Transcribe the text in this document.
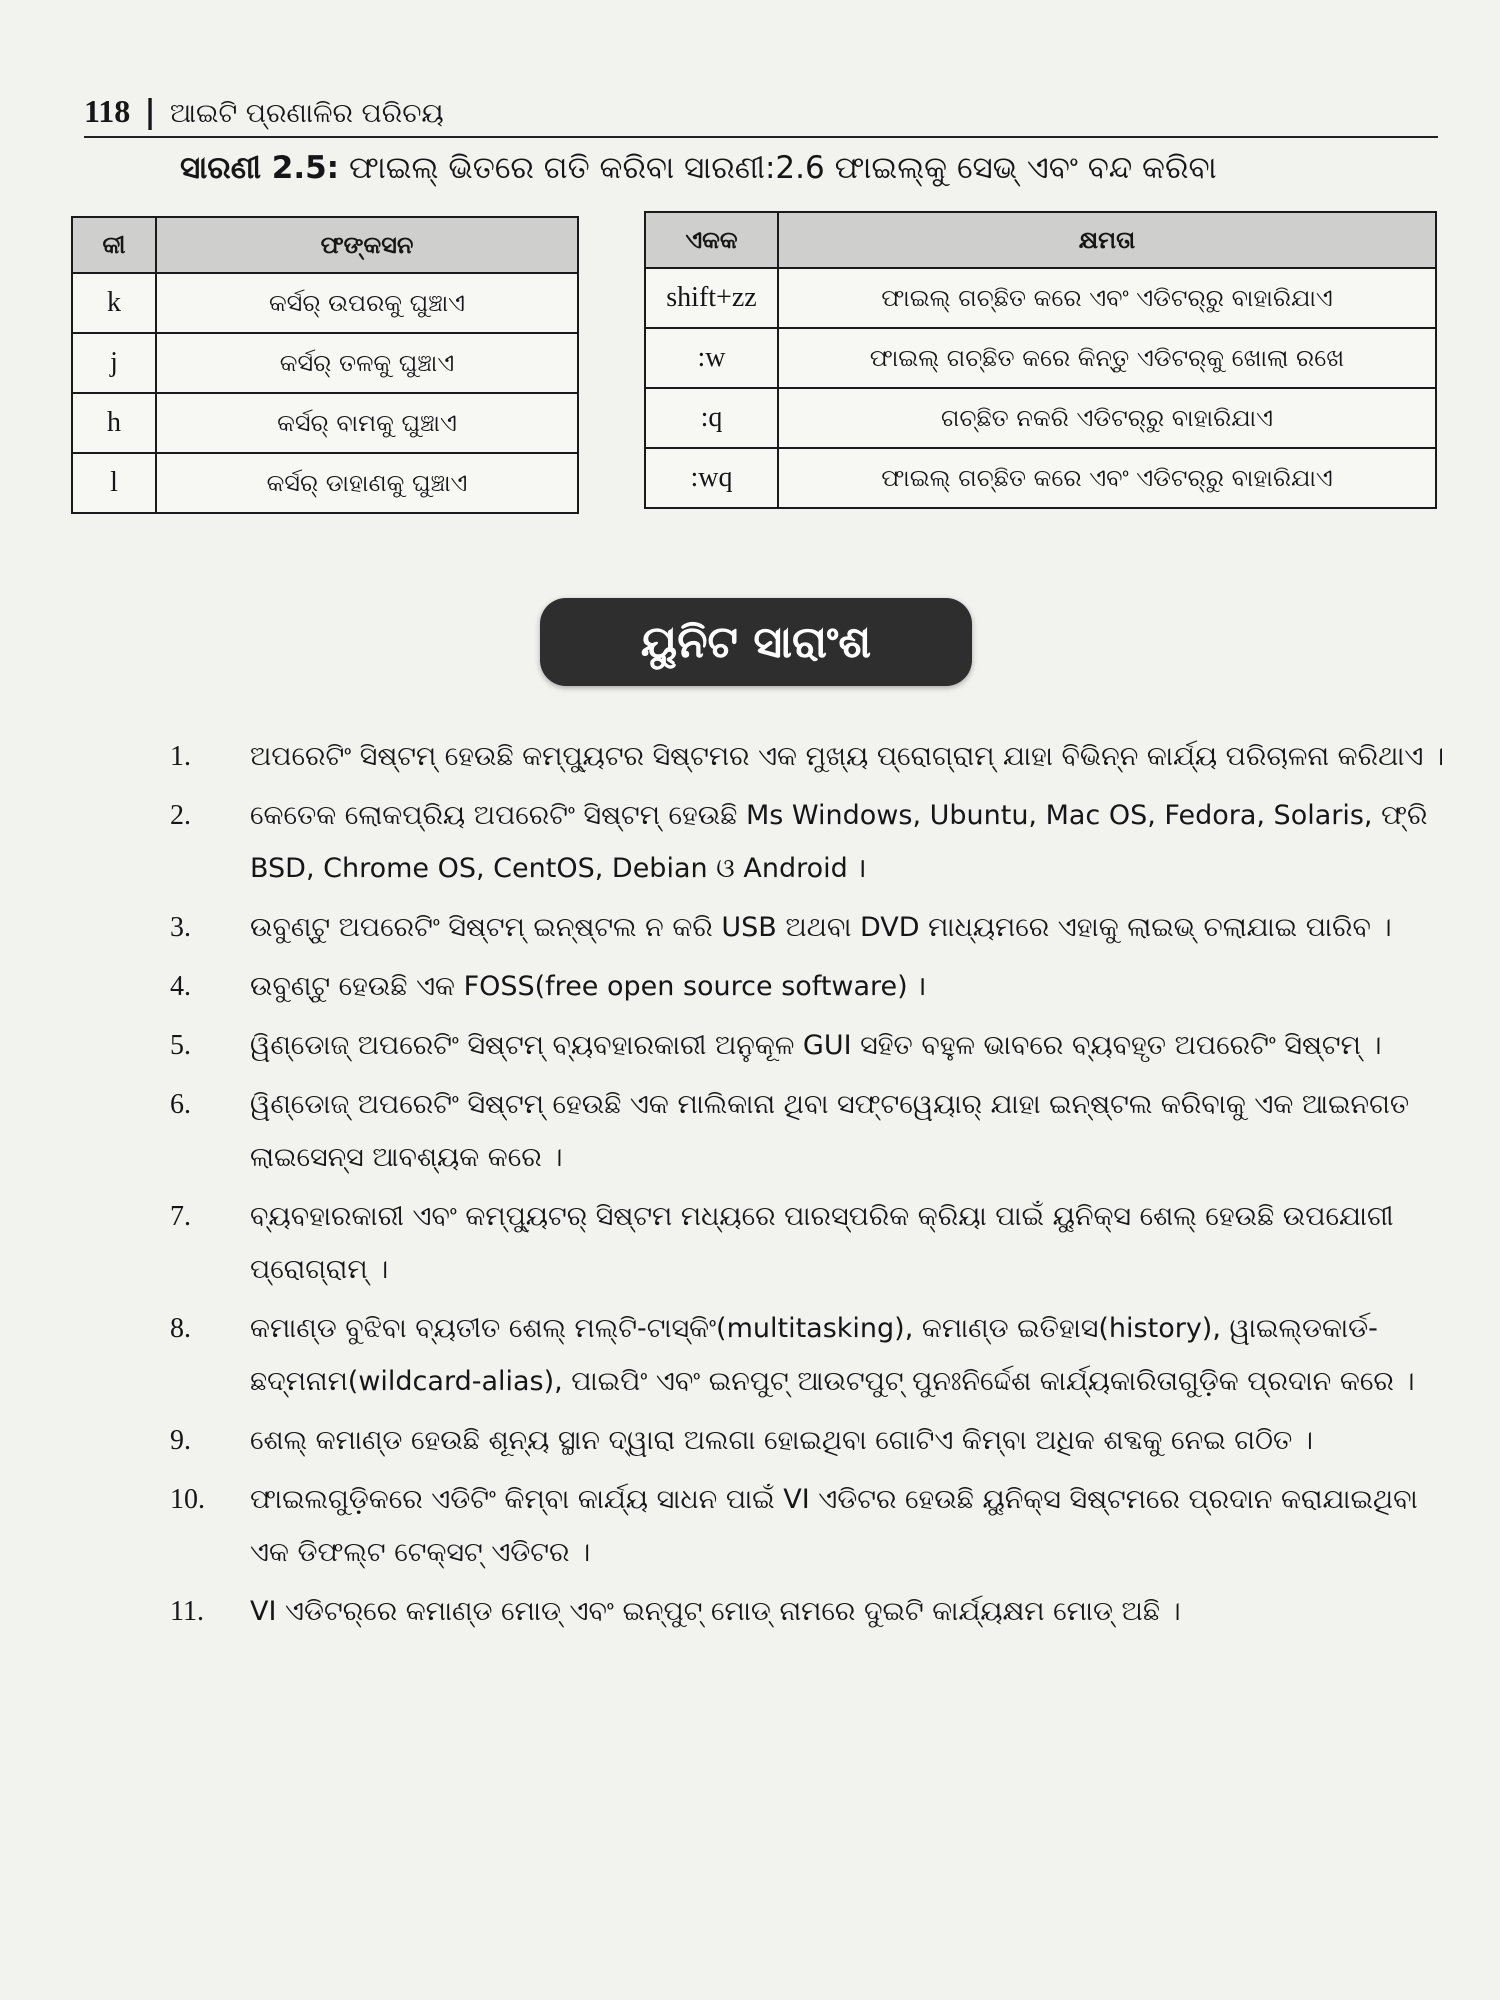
118 | ଆଇଟି ପ୍ରଣାଳିର ପରିଚୟ
ସାରଣୀ 2.5: ଫାଇଲ୍ ଭିତରେ ଗତି କରିବା ସାରଣୀ:2.6 ଫାଇଲ୍‌କୁ ସେଭ୍ ଏବଂ ବନ୍ଦ କରିବା
କୀ	ଫଙ୍କସନ
k	କର୍ସର୍ ଉପରକୁ ଘୁଞ୍ଚାଏ
j	କର୍ସର୍ ତଳକୁ ଘୁଞ୍ଚାଏ
h	କର୍ସର୍ ବାମକୁ ଘୁଞ୍ଚାଏ
l	କର୍ସର୍ ଡାହାଣକୁ ଘୁଞ୍ଚାଏ
ଏକକ	କ୍ଷମତା
shift+zz	ଫାଇଲ୍ ଗଚ୍ଛିତ କରେ ଏବଂ ଏଡିଟର୍‌ରୁ ବାହାରିଯାଏ
:w	ଫାଇଲ୍ ଗଚ୍ଛିତ କରେ କିନ୍ତୁ ଏଡିଟର୍‌କୁ ଖୋଲା ରଖେ
:q	ଗଚ୍ଛିତ ନକରି ଏଡିଟର୍‌ରୁ ବାହାରିଯାଏ
:wq	ଫାଇଲ୍ ଗଚ୍ଛିତ କରେ ଏବଂ ଏଡିଟର୍‌ରୁ ବାହାରିଯାଏ
ୟୁନିଟ ସାରାଂଶ
1.	ଅପରେଟିଂ ସିଷ୍ଟମ୍ ହେଉଛି କମ୍ପ୍ୟୁଟର ସିଷ୍ଟମର ଏକ ମୁଖ୍ୟ ପ୍ରୋଗ୍ରାମ୍ ଯାହା ବିଭିନ୍ନ କାର୍ଯ୍ୟ ପରିଚାଳନା କରିଥାଏ ।
2.	କେତେକ ଲୋକପ୍ରିୟ ଅପରେଟିଂ ସିଷ୍ଟମ୍ ହେଉଛି Ms Windows, Ubuntu, Mac OS, Fedora, Solaris, ଫ୍ରି BSD, Chrome OS, CentOS, Debian ଓ Android ।
3.	ଉବୁଣ୍ଟୁ ଅପରେଟିଂ ସିଷ୍ଟମ୍ ଇନ୍‌ଷ୍ଟଲ ନ କରି USB ଅଥବା DVD ମାଧ୍ୟମରେ ଏହାକୁ ଲାଇଭ୍ ଚଲାଯାଇ ପାରିବ ।
4.	ଉବୁଣ୍ଟୁ ହେଉଛି ଏକ FOSS(free open source software) ।
5.	ୱିଣ୍ଡୋଜ୍ ଅପରେଟିଂ ସିଷ୍ଟମ୍ ବ୍ୟବହାରକାରୀ ଅନୁକୂଳ GUI ସହିତ ବହୁଳ ଭାବରେ ବ୍ୟବହୃତ ଅପରେଟିଂ ସିଷ୍ଟମ୍ ।
6.	ୱିଣ୍ଡୋଜ୍ ଅପରେଟିଂ ସିଷ୍ଟମ୍ ହେଉଛି ଏକ ମାଲିକାନା ଥିବା ସଫ୍ଟୱେୟାର୍ ଯାହା ଇନ୍‌ଷ୍ଟଲ କରିବାକୁ ଏକ ଆଇନଗତ ଲାଇସେନ୍ସ ଆବଶ୍ୟକ କରେ ।
7.	ବ୍ୟବହାରକାରୀ ଏବଂ କମ୍ପ୍ୟୁଟର୍ ସିଷ୍ଟମ ମଧ୍ୟରେ ପାରସ୍ପରିକ କ୍ରିୟା ପାଇଁ ୟୁନିକ୍ସ ଶେଲ୍ ହେଉଛି ଉପଯୋଗୀ ପ୍ରୋଗ୍ରାମ୍ ।
8.	କମାଣ୍ଡ ବୁଝିବା ବ୍ୟତୀତ ଶେଲ୍ ମଲ୍ଟି-ଟାସ୍କିଂ(multitasking), କମାଣ୍ଡ ଇତିହାସ(history), ୱାଇଲ୍ଡକାର୍ଡ-ଛଦ୍ମନାମ(wildcard-alias), ପାଇପିଂ ଏବଂ ଇନପୁଟ୍ ଆଉଟପୁଟ୍ ପୁନଃନିର୍ଦ୍ଦେଶ କାର୍ଯ୍ୟକାରିତାଗୁଡ଼ିକ ପ୍ରଦାନ କରେ ।
9.	ଶେଲ୍ କମାଣ୍ଡ ହେଉଛି ଶୂନ୍ୟ ସ୍ଥାନ ଦ୍ୱାରା ଅଲଗା ହୋଇଥିବା ଗୋଟିଏ କିମ୍ବା ଅଧିକ ଶବ୍ଦକୁ ନେଇ ଗଠିତ ।
10.	ଫାଇଲଗୁଡ଼ିକରେ ଏଡିଟିଂ କିମ୍ବା କାର୍ଯ୍ୟ ସାଧନ ପାଇଁ VI ଏଡିଟର ହେଉଛି ୟୁନିକ୍ସ ସିଷ୍ଟମରେ ପ୍ରଦାନ କରାଯାଇଥିବା ଏକ ଡିଫଲ୍ଟ ଟେକ୍ସଟ୍ ଏଡିଟର ।
11.	VI ଏଡିଟର୍‌ରେ କମାଣ୍ଡ ମୋଡ୍ ଏବଂ ଇନ୍‌ପୁଟ୍ ମୋଡ୍ ନାମରେ ଦୁଇଟି କାର୍ଯ୍ୟକ୍ଷମ ମୋଡ୍ ଅଛି ।
